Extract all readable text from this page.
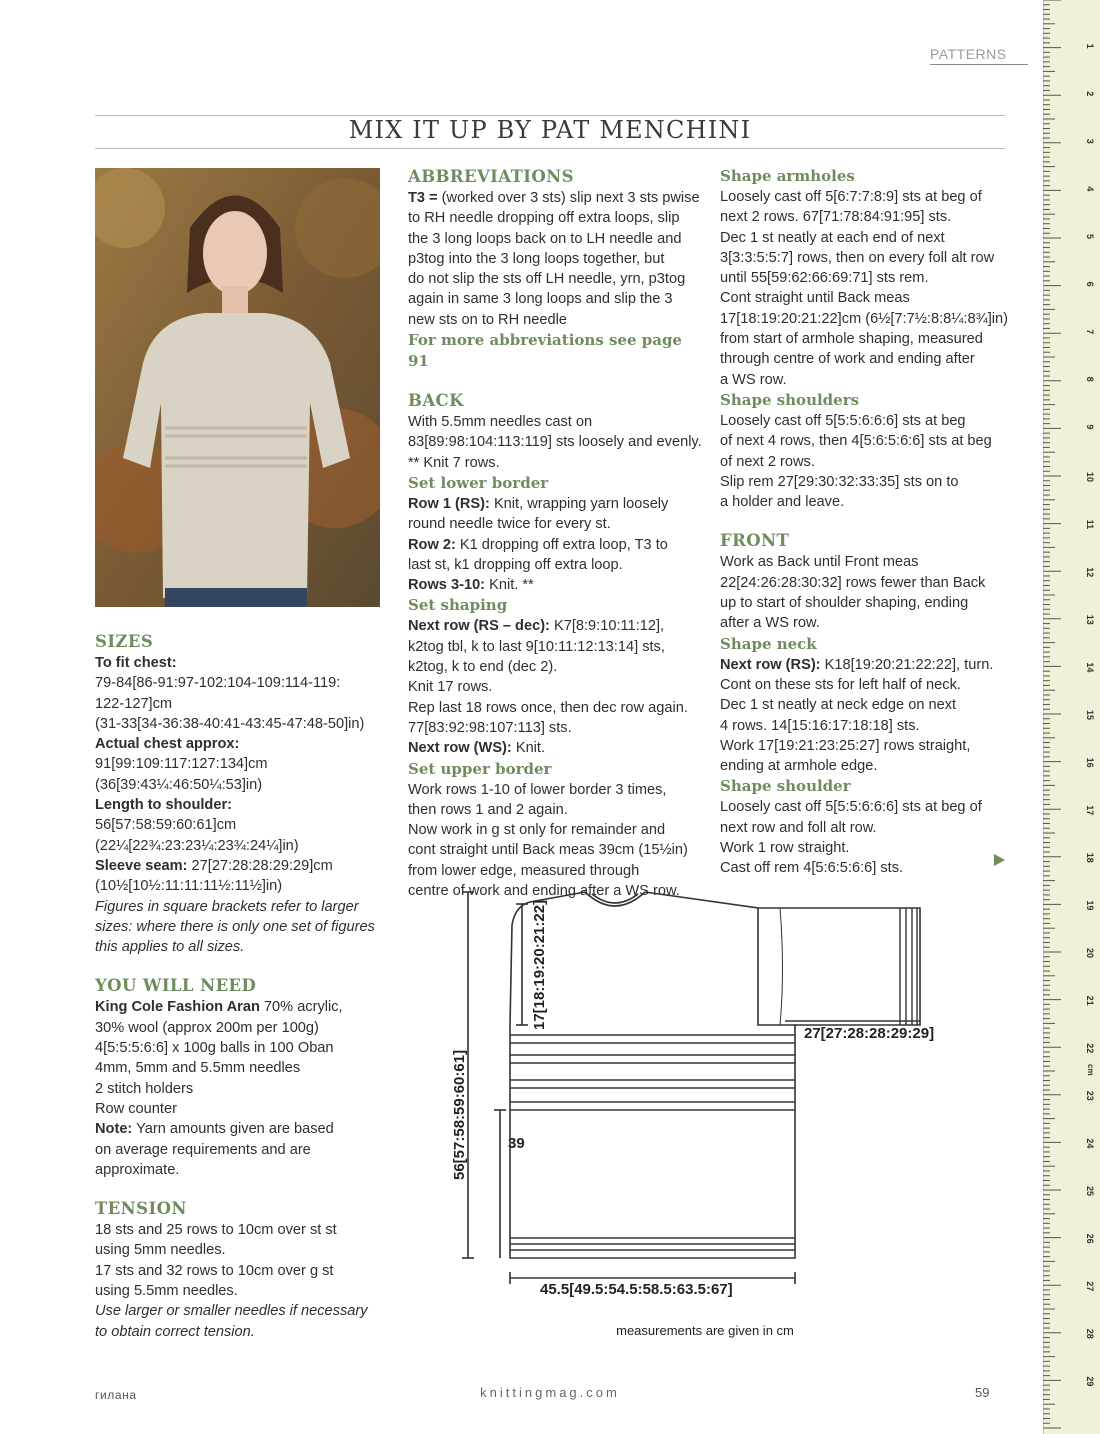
PATTERNS
MIX IT UP BY PAT MENCHINI
SIZES

To fit chest:

79-84[86-91:97-102:104-109:114-119:

122-127]cm

(31-33[34-36:38-40:41-43:45-47:48-50]in)

Actual chest approx:

91[99:109:117:127:134]cm

(36[39:43¼:46:50¼:53]in)

Length to shoulder:

56[57:58:59:60:61]cm

(22¼[22¾:23:23¼:23¾:24¼]in)

Sleeve seam: 27[27:28:28:29:29]cm

(10½[10½:11:11:11½:11½]in)

Figures in square brackets refer to larger

sizes: where there is only one set of figures

this applies to all sizes.

YOU WILL NEED

King Cole Fashion Aran 70% acrylic,

30% wool (approx 200m per 100g)

4[5:5:5:6:6] x 100g balls in 100 Oban

4mm, 5mm and 5.5mm needles

2 stitch holders

Row counter

Note: Yarn amounts given are based

on average requirements and are

approximate.

TENSION

18 sts and 25 rows to 10cm over st st

using 5mm needles.

17 sts and 32 rows to 10cm over g st

using 5.5mm needles.

Use larger or smaller needles if necessary

to obtain correct tension.

ABBREVIATIONS

T3 = (worked over 3 sts) slip next 3 sts pwise

to RH needle dropping off extra loops, slip

the 3 long loops back on to LH needle and

p3tog into the 3 long loops together, but

do not slip the sts off LH needle, yrn, p3tog

again in same 3 long loops and slip the 3

new sts on to RH needle

For more abbreviations see page 91
BACK

With 5.5mm needles cast on

83[89:98:104:113:119] sts loosely and evenly.

** Knit 7 rows.

Set lower border

Row 1 (RS): Knit, wrapping yarn loosely

round needle twice for every st.

Row 2: K1 dropping off extra loop, T3 to

last st, k1 dropping off extra loop.

Rows 3-10: Knit. **

Set shaping

Next row (RS – dec): K7[8:9:10:11:12],

k2tog tbl, k to last 9[10:11:12:13:14] sts,

k2tog, k to end (dec 2).

Knit 17 rows.

Rep last 18 rows once, then dec row again.

77[83:92:98:107:113] sts.

Next row (WS): Knit.

Set upper border

Work rows 1-10 of lower border 3 times,

then rows 1 and 2 again.

Now work in g st only for remainder and

cont straight until Back meas 39cm (15½in)

from lower edge, measured through

centre of work and ending after a WS row.

Shape armholes

Loosely cast off 5[6:7:7:8:9] sts at beg of

next 2 rows. 67[71:78:84:91:95] sts.

Dec 1 st neatly at each end of next

3[3:3:5:5:7] rows, then on every foll alt row

until 55[59:62:66:69:71] sts rem.

Cont straight until Back meas

17[18:19:20:21:22]cm (6½[7:7½:8:8¼:8¾]in)

from start of armhole shaping, measured

through centre of work and ending after

a WS row.

Shape shoulders

Loosely cast off 5[5:5:6:6:6] sts at beg

of next 4 rows, then 4[5:6:5:6:6] sts at beg

of next 2 rows.

Slip rem 27[29:30:32:33:35] sts on to

a holder and leave.

FRONT

Work as Back until Front meas

22[24:26:28:30:32] rows fewer than Back

up to start of shoulder shaping, ending

after a WS row.

Shape neck

Next row (RS): K18[19:20:21:22:22], turn.

Cont on these sts for left half of neck.

Dec 1 st neatly at neck edge on next

4 rows. 14[15:16:17:18:18] sts.

Work 17[19:21:23:25:27] rows straight,

ending at armhole edge.

Shape shoulder

Loosely cast off 5[5:5:6:6:6] sts at beg of

next row and foll alt row.

Work 1 row straight.

Cast off rem 4[5:6:5:6:6] sts.

17[18:19:20:21:22]
56[57:58:59:60:61]	39
27[27:28:28:29:29]
45.5[49.5:54.5:58.5:63.5:67]
measurements are given in cm
гилана	knittingmag.com	59
1
2
3
4
5
6
7
8
9
10
11
12
13
14
15
16
17
18
19
20
21
22
23
24
25
26
27
28
29
cm
